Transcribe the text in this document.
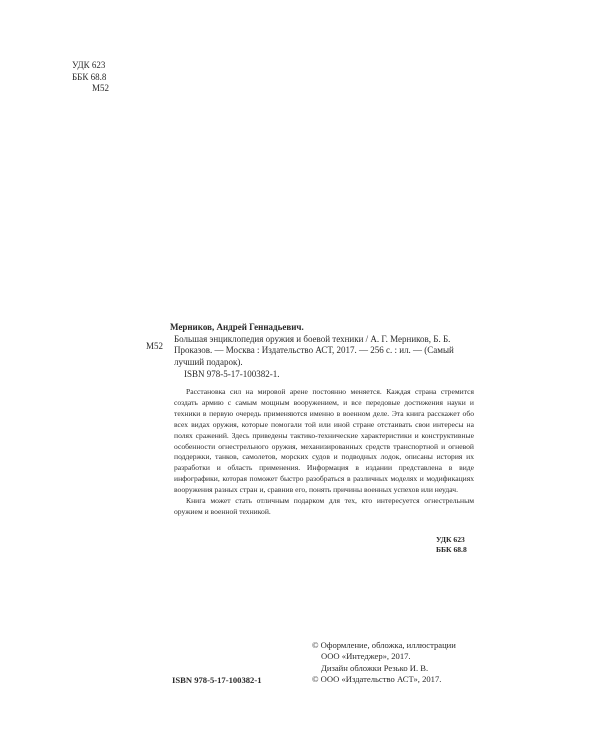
УДК 623
ББК 68.8
М52
М52
Мерников, Андрей Геннадьевич.
Большая энциклопедия оружия и боевой техники / А. Г. Мерников, Б. Б. Проказов. — Москва : Издательство АСТ, 2017. — 256 с. : ил. — (Самый лучший подарок).
ISBN 978-5-17-100382-1.

Расстановка сил на мировой арене постоянно меняется. Каждая страна стремится создать армию с самым мощным вооружением, и все передовые достижения науки и техники в первую очередь применяются именно в военном деле. Эта книга расскажет обо всех видах оружия, которые помогали той или иной стране отстаивать свои интересы на полях сражений. Здесь приведены тактико-технические характеристики и конструктивные особенности огнестрельного оружия, механизированных средств транспортной и огневой поддержки, танков, самолетов, морских судов и подводных лодок, описаны история их разработки и область применения. Информация в издании представлена в виде инфографики, которая поможет быстро разобраться в различных моделях и модификациях вооружения разных стран и, сравнив его, понять причины военных успехов или неудач.

Книга может стать отличным подарком для тех, кто интересуется огнестрельным оружием и военной техникой.

УДК 623
ББК 68.8
© Оформление, обложка, иллюстрации
ООО «Интеджер», 2017.
Дизайн обложки Резько И. В.
© ООО «Издательство АСТ», 2017.
ISBN 978-5-17-100382-1
